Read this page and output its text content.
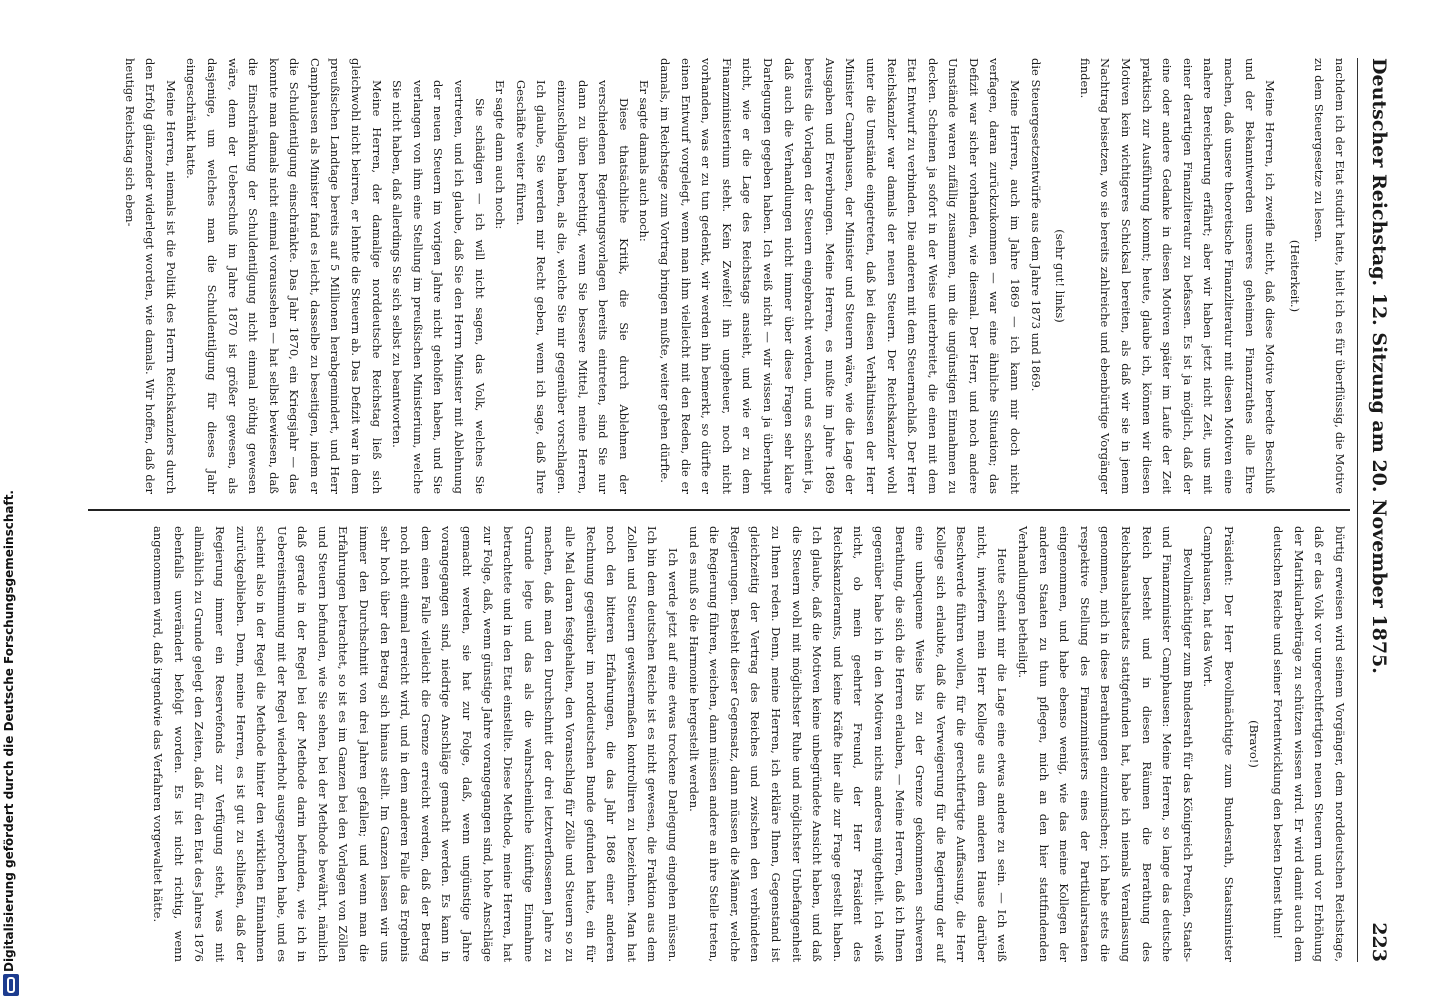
Digitalisierung gefördert durch die Deutsche Forschungsgemeinschaft.
Deutscher Reichstag. 12. Sitzung am 20. November 1875.
223

nachdem ich der Etat studirt hatte, hielt ich es für überflüssig, die Motive zu dem Steuergesetze zu lesen.

(Heiterkeit.)

Meine Herren, ich zweifle nicht, daß diese Motive beredte Beschluß und der Bekanntwerden unseres geheimen Finanzrathes alle Ehre machen, daß unsere theoretische Finanzliteratur mit diesen Motiven eine nahere Bereicherung erfährt; aber wir haben jetzt nicht Zeit, uns mit einer derartigen Finanzliteratur zu befassen. Es ist ja möglich, daß der eine oder andere Gedanke in diesen Motiven später im Laufe der Zeit praktisch zur Ausführung kommt; heute, glaube ich, können wir diesen Motiven kein wichtigeres Schicksal bereiten, als daß wir sie in jenem Nachtrag beisetzen, wo sie bereits zahlreiche und ebenbürtige Vorgänger finden.

(sehr gut! links)

die Steuergesetzentwürfe aus dem Jahre 1873 und 1869.

Meine Herren, auch im Jahre 1869 — ich kann mir doch nicht verfagen, daran zurückzukommen — war eine ähnliche Situation; das Defizit war sicher vorhanden, wie diesmal. Der Herr, und noch andere Umstände waren zufällig zusammen, um die ungünstigen Einnahmen zu decken. Scheinen ja sofort in der Weise unterbreitet, die einen mit dem Etat Entwurf zu verbinden. Die anderen mit dem Steuernachlaß. Der Herr Reichskanzler war damals der neuen Steuern. Der Reichskanzler wohl unter die Umstände eingetreten, daß bei diesen Verhältnissen der Herr Minister Camphausen, der Minister und Steuern wäre, wie die Lage der Ausgaben und Erwerbungen. Meine Herren, es mußte im Jahre 1869 bereits die Vorlagen der Steuern eingebracht werden, und es scheint ja, daß auch die Verhandlungen nicht immer über diese Fragen sehr klare Darlegungen gegeben haben. Ich weiß nicht — wir wissen ja überhaupt nicht, wie er die Lage des Reichstags ansieht, und wie er zu dem Finanzministerium steht. Kein Zweifel! ihn ungeheuer, noch nicht vorhanden, was er zu tun gedenkt, wir werden ihn bemerkt, so dürfte er einen Entwurf vorgelegt, wenn man ihm vielleicht mit den Reden, die er damals, im Reichstage zum Vortrag bringen mußte, weiter gehen dürfte.

Er sagte damals auch noch:

Diese thatsächliche Kritik, die Sie durch Ablehnen der verschiedenen Regierungsvorlagen bereits eintreten, sind Sie nur dann zu üben berechtigt, wenn Sie bessere Mittel, meine Herren, einzuschlagen haben, als die, welche Sie mir gegenüber vorschlagen. Ich glaube, Sie werden mir Recht geben, wenn ich sage, daß Ihre Geschäfte weiter führen.

Er sagte dann auch noch:

Sie schädigen — ich will nicht sagen, das Volk, welches Sie vertreten, und ich glaube, daß Sie den Herrn Minister mit Ablehnung der neuen Steuern im vorigen Jahre nicht geholfen haben, und Sie verlangen von ihm eine Stellung im preußischen Ministerium, welche Sie nicht haben, daß allerdings Sie sich selbst zu beantworten.

Meine Herren, der damalige norddeutsche Reichstag ließ sich gleichwohl nicht beirren, er lehnte die Steuern ab. Das Defizit war in dem preußischen Landtage bereits auf 5 Millionen herabgemindert, und Herr Camphausen als Minister fand es leicht, dasselbe zu beseitigen, indem er die Schuldentilgung einschränkte. Das Jahr 1870, ein Kriegsjahr — das konnte man damals nicht einmal voraussehen — hat selbst bewiesen, daß die Einschränkung der Schuldentilgung nicht einmal nöthig gewesen wäre, denn der Ueberschuß im Jahre 1870 ist größer gewesen, als dasjenige, um welches man die Schuldentilgung für dieses Jahr eingeschränkt hatte.

Meine Herren, niemals ist die Politik des Herrn Reichskanzlers durch den Erfolg glänzender widerlegt worden, wie damals. Wir hoffen, daß der heutige Reichstag sich eben-

bürtig erweisen wird seinem Vorgänger, dem norddeutschen Reichstage, daß er das Volk vor ungerechtfertigten neuen Steuern und vor Erhöhung der Matrikularbeiträge zu schützen wissen wird. Er wird damit auch dem deutschen Reiche und seiner Fortentwicklung den besten Dienst thun!

(Bravo!)

Präsident: Der Herr Bevollmächtigte zum Bundesrath, Staatsminister Camphausen, hat das Wort.

Bevollmächtigter zum Bundesrath für das Königreich Preußen, Staats- und Finanzminister Camphausen: Meine Herren, so lange das deutsche Reich besteht und in diesen Räumen die Berathung des Reichshaushaltsetats stattgefunden hat, habe ich niemals Veranlassung genommen, mich in diese Berathungen einzumischen; ich habe stets die respektive Stellung des Finanzministers eines der Partikularstaaten eingenommen, und habe ebenso wenig, wie das meine Kollegen der anderen Staaten zu thun pflegen, mich an den hier stattfindenden Verhandlungen betheiligt.

Heute scheint mir die Lage eine etwas andere zu sein. — Ich weiß nicht, inwiefern mein Herr Kollege aus dem anderen Hause darüber Beschwerde führen wollen, für die gerechtfertigte Auffassung, die Herr Kollege sich erlaubte, daß die Verweigerung für die Regierung der auf eine unbequeme Weise bis zu der Grenze gekommenen schweren Berathung, die sich die Herren erlauben, — Meine Herren, daß ich Ihnen gegenüber habe ich in den Motiven nichts anderes mitgetheilt. Ich weiß nicht, ob mein geehrter Freund, der Herr Präsident des Reichskanzleramts, und keine Kräfte hier alle zur Frage gestellt haben. Ich glaube, daß die Motiven keine unbegründete Ansicht haben, und daß die Steuern wohl mit möglichster Ruhe und möglichster Unbefangenheit zu Ihnen reden. Denn, meine Herren, ich erkläre Ihnen, Gegenstand ist gleichzeitig der Vertrag des Reiches und zwischen den verbündeten Regierungen. Besteht dieser Gegensatz, dann müssen die Männer, welche die Regierung führen, weichen, dann müssen andere an ihre Stelle treten, und es muß so die Harmonie hergestellt werden.

Ich werde jetzt auf eine etwas trockene Darlegung eingehen müssen. Ich bin dem deutschen Reiche ist es nicht gewesen, die Fraktion aus dem Zollen und Steuern gewissermaßen kontrolliren zu bezeichnen. Man hat noch den bitteren Erfahrungen, die das Jahr 1868 einer anderen Rechnung gegenüber im norddeutschen Bunde gefunden hatte, ein für alle Mal daran festgehalten, den Voranschlag für Zölle und Steuern so zu machen, daß man den Durchschnitt der drei letztverflossenen Jahre zu Grunde legte und das als die wahrscheinliche künftige Einnahme betrachtete und in den Etat einstellte. Diese Methode, meine Herren, hat zur Folge, daß, wenn günstige Jahre vorangegangen sind, hohe Anschläge gemacht werden, sie hat zur Folge, daß, wenn ungünstige Jahre vorangegangen sind, niedrige Anschläge gemacht werden. Es kann in dem einen Falle vielleicht die Grenze erreicht werden, daß der Betrag noch nicht einmal erreicht wird, und in dem anderen Falle das Ergebnis sehr hoch über den Betrag sich hinaus stellt. Im Ganzen lassen wir uns immer den Durchschnitt von drei Jahren gefallen; und wenn man die Erfahrungen betrachtet, so ist es im Ganzen bei den Vorlagen von Zöllen und Steuern befunden, wie Sie sehen, bei der Methode bewährt, nämlich daß gerade in der Regel bei der Methode darin befunden, wie ich in Uebereinstimmung mit der Regel wiederholt ausgesprochen habe, und es scheint also in der Regel die Methode hinter den wirklichen Einnahmen zurückgeblieben. Denn, meine Herren, es ist gut zu schließen, daß der Regierung immer ein Reservefonds zur Verfügung steht, was mit allmählich zu Grunde gelegt den Zeiten, daß für den Etat des Jahres 1876 ebenfalls unverändert befolgt worden. Es ist nicht richtig, wenn angenommen wird, daß irgendwie das Verfahren vorgewaltet hätte.
